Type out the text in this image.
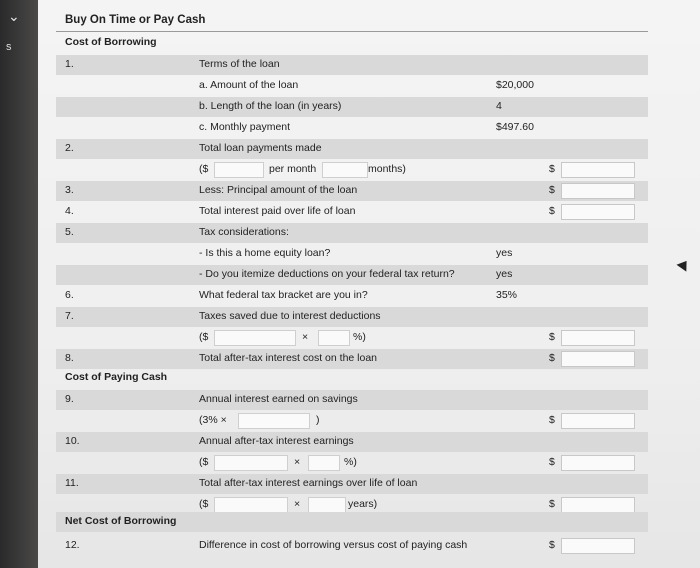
⌄
s
Buy On Time or Pay Cash
Cost of Borrowing
1.	Terms of the loan
a. Amount of the loan	$20,000
b. Length of the loan (in years)	4
c. Monthly payment	$497.60
2.	Total loan payments made
($	per month	months)	$
3.	Less: Principal amount of the loan	$
4.	Total interest paid over life of loan	$
5.	Tax considerations:
- Is this a home equity loan?	yes
- Do you itemize deductions on your federal tax return?	yes
6.	What federal tax bracket are you in?	35%
7.	Taxes saved due to interest deductions
($	×	%)	$
8.	Total after-tax interest cost on the loan	$
Cost of Paying Cash
9.	Annual interest earned on savings
(3% ×	)	$
10.	Annual after-tax interest earnings
($	×	%)	$
11.	Total after-tax interest earnings over life of loan
($	×	years)	$
Net Cost of Borrowing
12.	Difference in cost of borrowing versus cost of paying cash	$
